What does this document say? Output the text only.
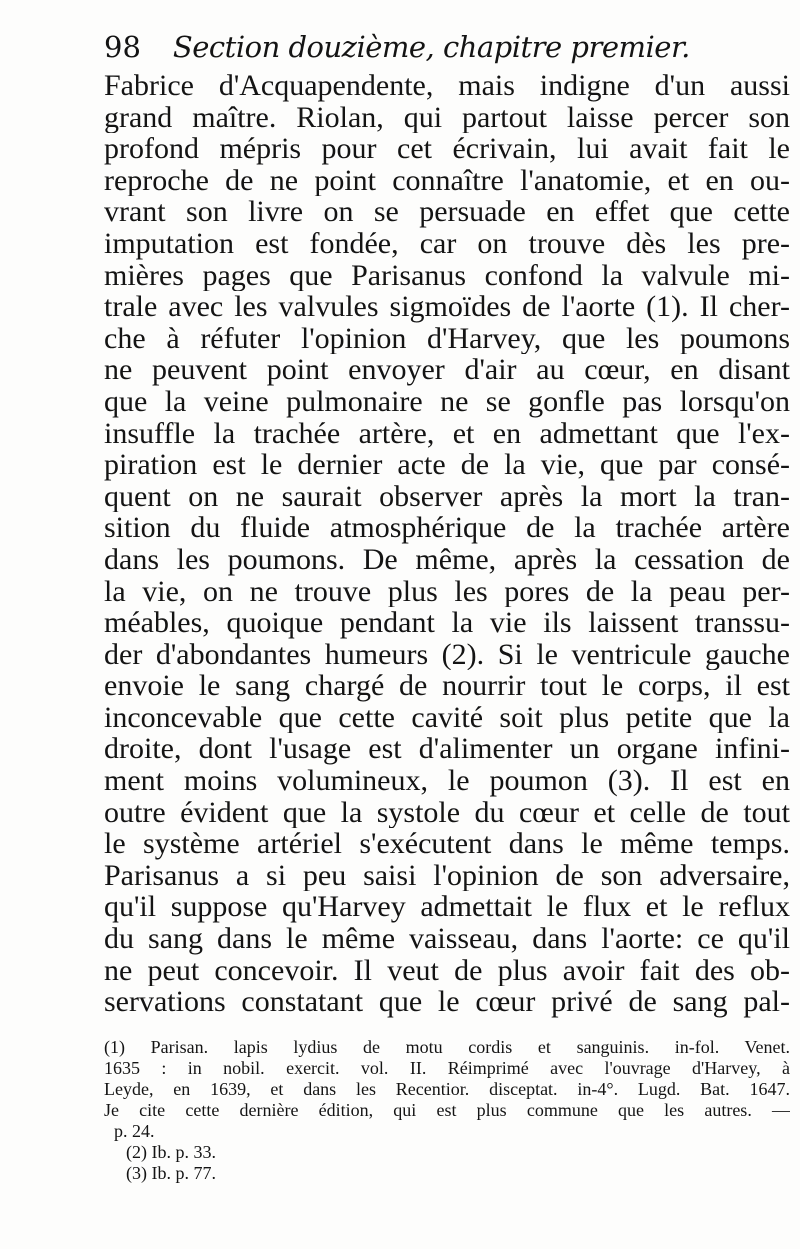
98 Section douzième, chapitre premier.
Fabrice d'Acquapendente, mais indigne d'un aussi
grand maître. Riolan, qui partout laisse percer son
profond mépris pour cet écrivain, lui avait fait le
reproche de ne point connaître l'anatomie, et en ou-
vrant son livre on se persuade en effet que cette
imputation est fondée, car on trouve dès les pre-
mières pages que Parisanus confond la valvule mi-
trale avec les valvules sigmoïdes de l'aorte (1). Il cher-
che à réfuter l'opinion d'Harvey, que les poumons
ne peuvent point envoyer d'air au cœur, en disant
que la veine pulmonaire ne se gonfle pas lorsqu'on
insuffle la trachée artère, et en admettant que l'ex-
piration est le dernier acte de la vie, que par consé-
quent on ne saurait observer après la mort la tran-
sition du fluide atmosphérique de la trachée artère
dans les poumons. De même, après la cessation de
la vie, on ne trouve plus les pores de la peau per-
méables, quoique pendant la vie ils laissent transsu-
der d'abondantes humeurs (2). Si le ventricule gauche
envoie le sang chargé de nourrir tout le corps, il est
inconcevable que cette cavité soit plus petite que la
droite, dont l'usage est d'alimenter un organe infini-
ment moins volumineux, le poumon (3). Il est en
outre évident que la systole du cœur et celle de tout
le système artériel s'exécutent dans le même temps.
Parisanus a si peu saisi l'opinion de son adversaire,
qu'il suppose qu'Harvey admettait le flux et le reflux
du sang dans le même vaisseau, dans l'aorte: ce qu'il
ne peut concevoir. Il veut de plus avoir fait des ob-
servations constatant que le cœur privé de sang pal-
(1) Parisan. lapis lydius de motu cordis et sanguinis. in-fol. Venet.
1635 : in nobil. exercit. vol. II. Réimprimé avec l'ouvrage d'Harvey, à
Leyde, en 1639, et dans les Recentior. disceptat. in-4°. Lugd. Bat. 1647.
Je cite cette dernière édition, qui est plus commune que les autres. —
p. 24.
(2) Ib. p. 33.
(3) Ib. p. 77.
